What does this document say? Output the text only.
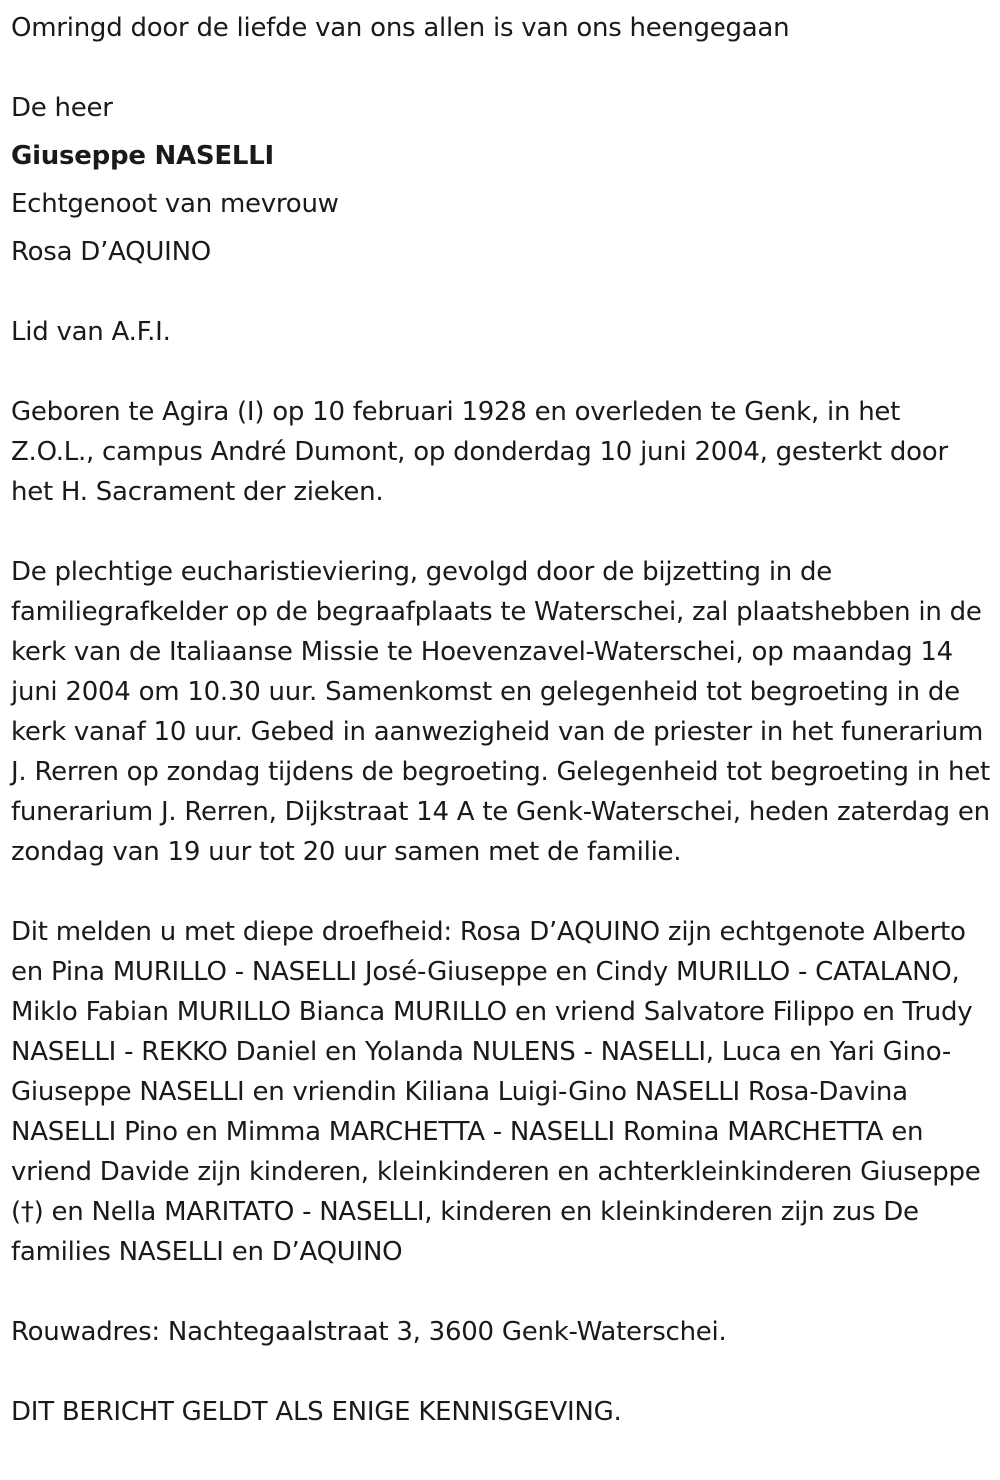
Omringd door de liefde van ons allen is van ons heengegaan
De heer
Giuseppe NASELLI
Echtgenoot van mevrouw
Rosa D’AQUINO
Lid van A.F.I.
Geboren te Agira (I) op 10 februari 1928 en overleden te Genk, in het Z.O.L., campus André Dumont, op donderdag 10 juni 2004, gesterkt door het H. Sacrament der zieken.
De plechtige eucharistieviering, gevolgd door de bijzetting in de familiegrafkelder op de begraafplaats te Waterschei, zal plaatshebben in de kerk van de Italiaanse Missie te Hoevenzavel-Waterschei, op maandag 14 juni 2004 om 10.30 uur. Samenkomst en gelegenheid tot begroeting in de kerk vanaf 10 uur. Gebed in aanwezigheid van de priester in het funerarium J. Rerren op zondag tijdens de begroeting. Gelegenheid tot begroeting in het funerarium J. Rerren, Dijkstraat 14 A te Genk-Waterschei, heden zaterdag en zondag van 19 uur tot 20 uur samen met de familie.
Dit melden u met diepe droefheid: Rosa D’AQUINO zijn echtgenote Alberto en Pina MURILLO - NASELLI José-Giuseppe en Cindy MURILLO - CATALANO, Miklo Fabian MURILLO Bianca MURILLO en vriend Salvatore Filippo en Trudy NASELLI - REKKO Daniel en Yolanda NULENS - NASELLI, Luca en Yari Gino-Giuseppe NASELLI en vriendin Kiliana Luigi-Gino NASELLI Rosa-Davina NASELLI Pino en Mimma MARCHETTA - NASELLI Romina MARCHETTA en vriend Davide zijn kinderen, kleinkinderen en achterkleinkinderen Giuseppe (†) en Nella MARITATO - NASELLI, kinderen en kleinkinderen zijn zus De families NASELLI en D’AQUINO
Rouwadres: Nachtegaalstraat 3, 3600 Genk-Waterschei.
DIT BERICHT GELDT ALS ENIGE KENNISGEVING.
